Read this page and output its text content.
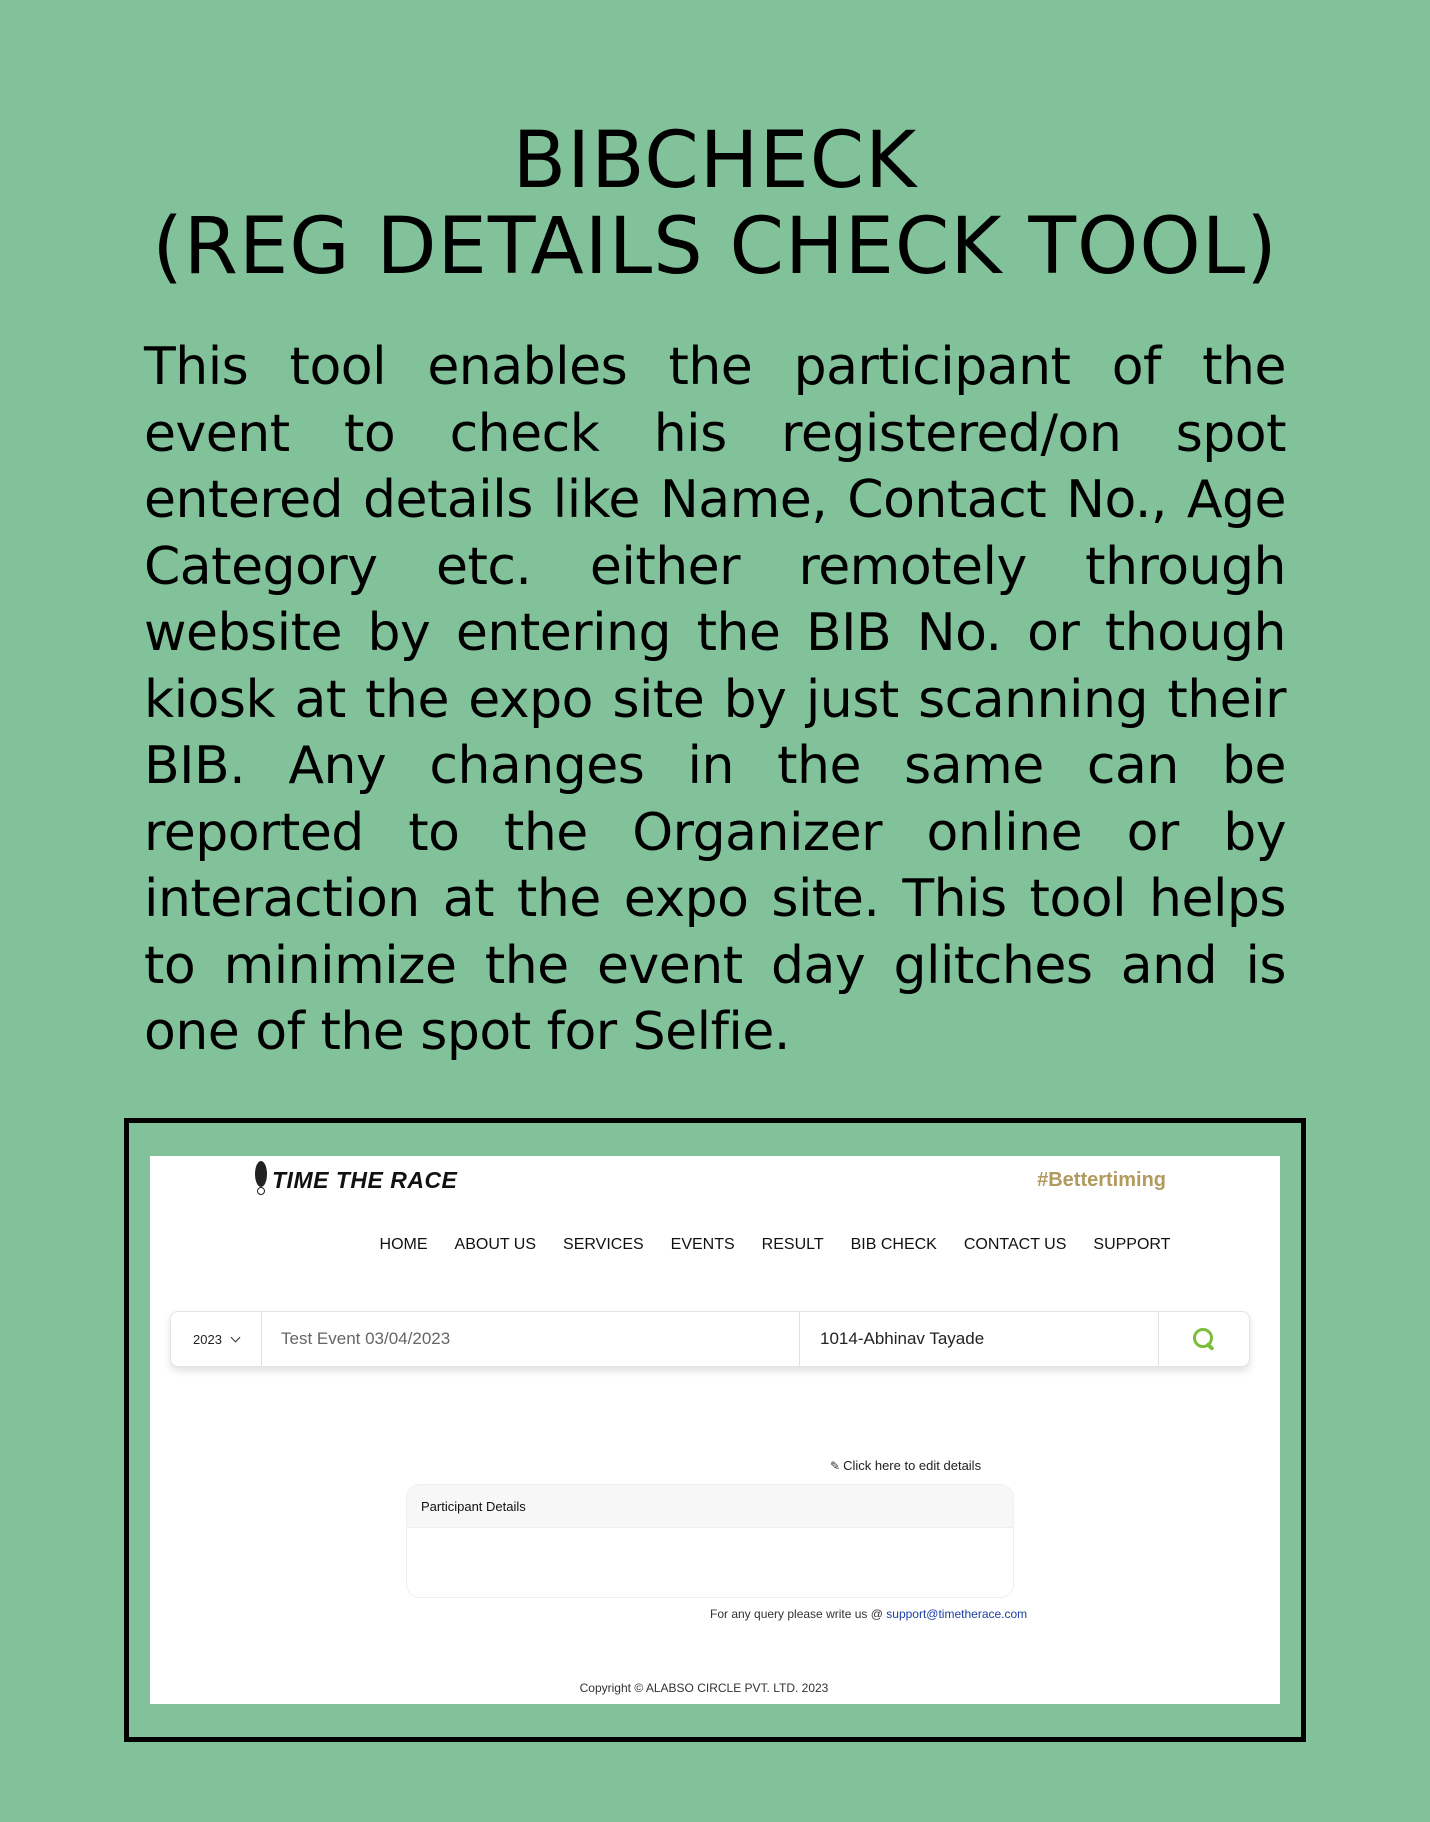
BIBCHECK
(REG DETAILS CHECK TOOL)

This tool enables the participant of the event to check his registered/on spot entered details like Name, Contact No., Age Category etc. either remotely through website by entering the BIB No. or though kiosk at the expo site by just scanning their BIB. Any changes in the same can be reported to the Organizer online or by interaction at the expo site. This tool helps to minimize the event day glitches and is one of the spot for Selfie.

TIME THE RACE	#Bettertiming
HOME ABOUT US SERVICES EVENTS RESULT BIB CHECK CONTACT US SUPPORT
2023	Test Event 03/04/2023	1014-Abhinav Tayade
✎ Click here to edit details
Participant Details
For any query please write us @ support@timetherace.com
Copyright © ALABSO CIRCLE PVT. LTD. 2023
